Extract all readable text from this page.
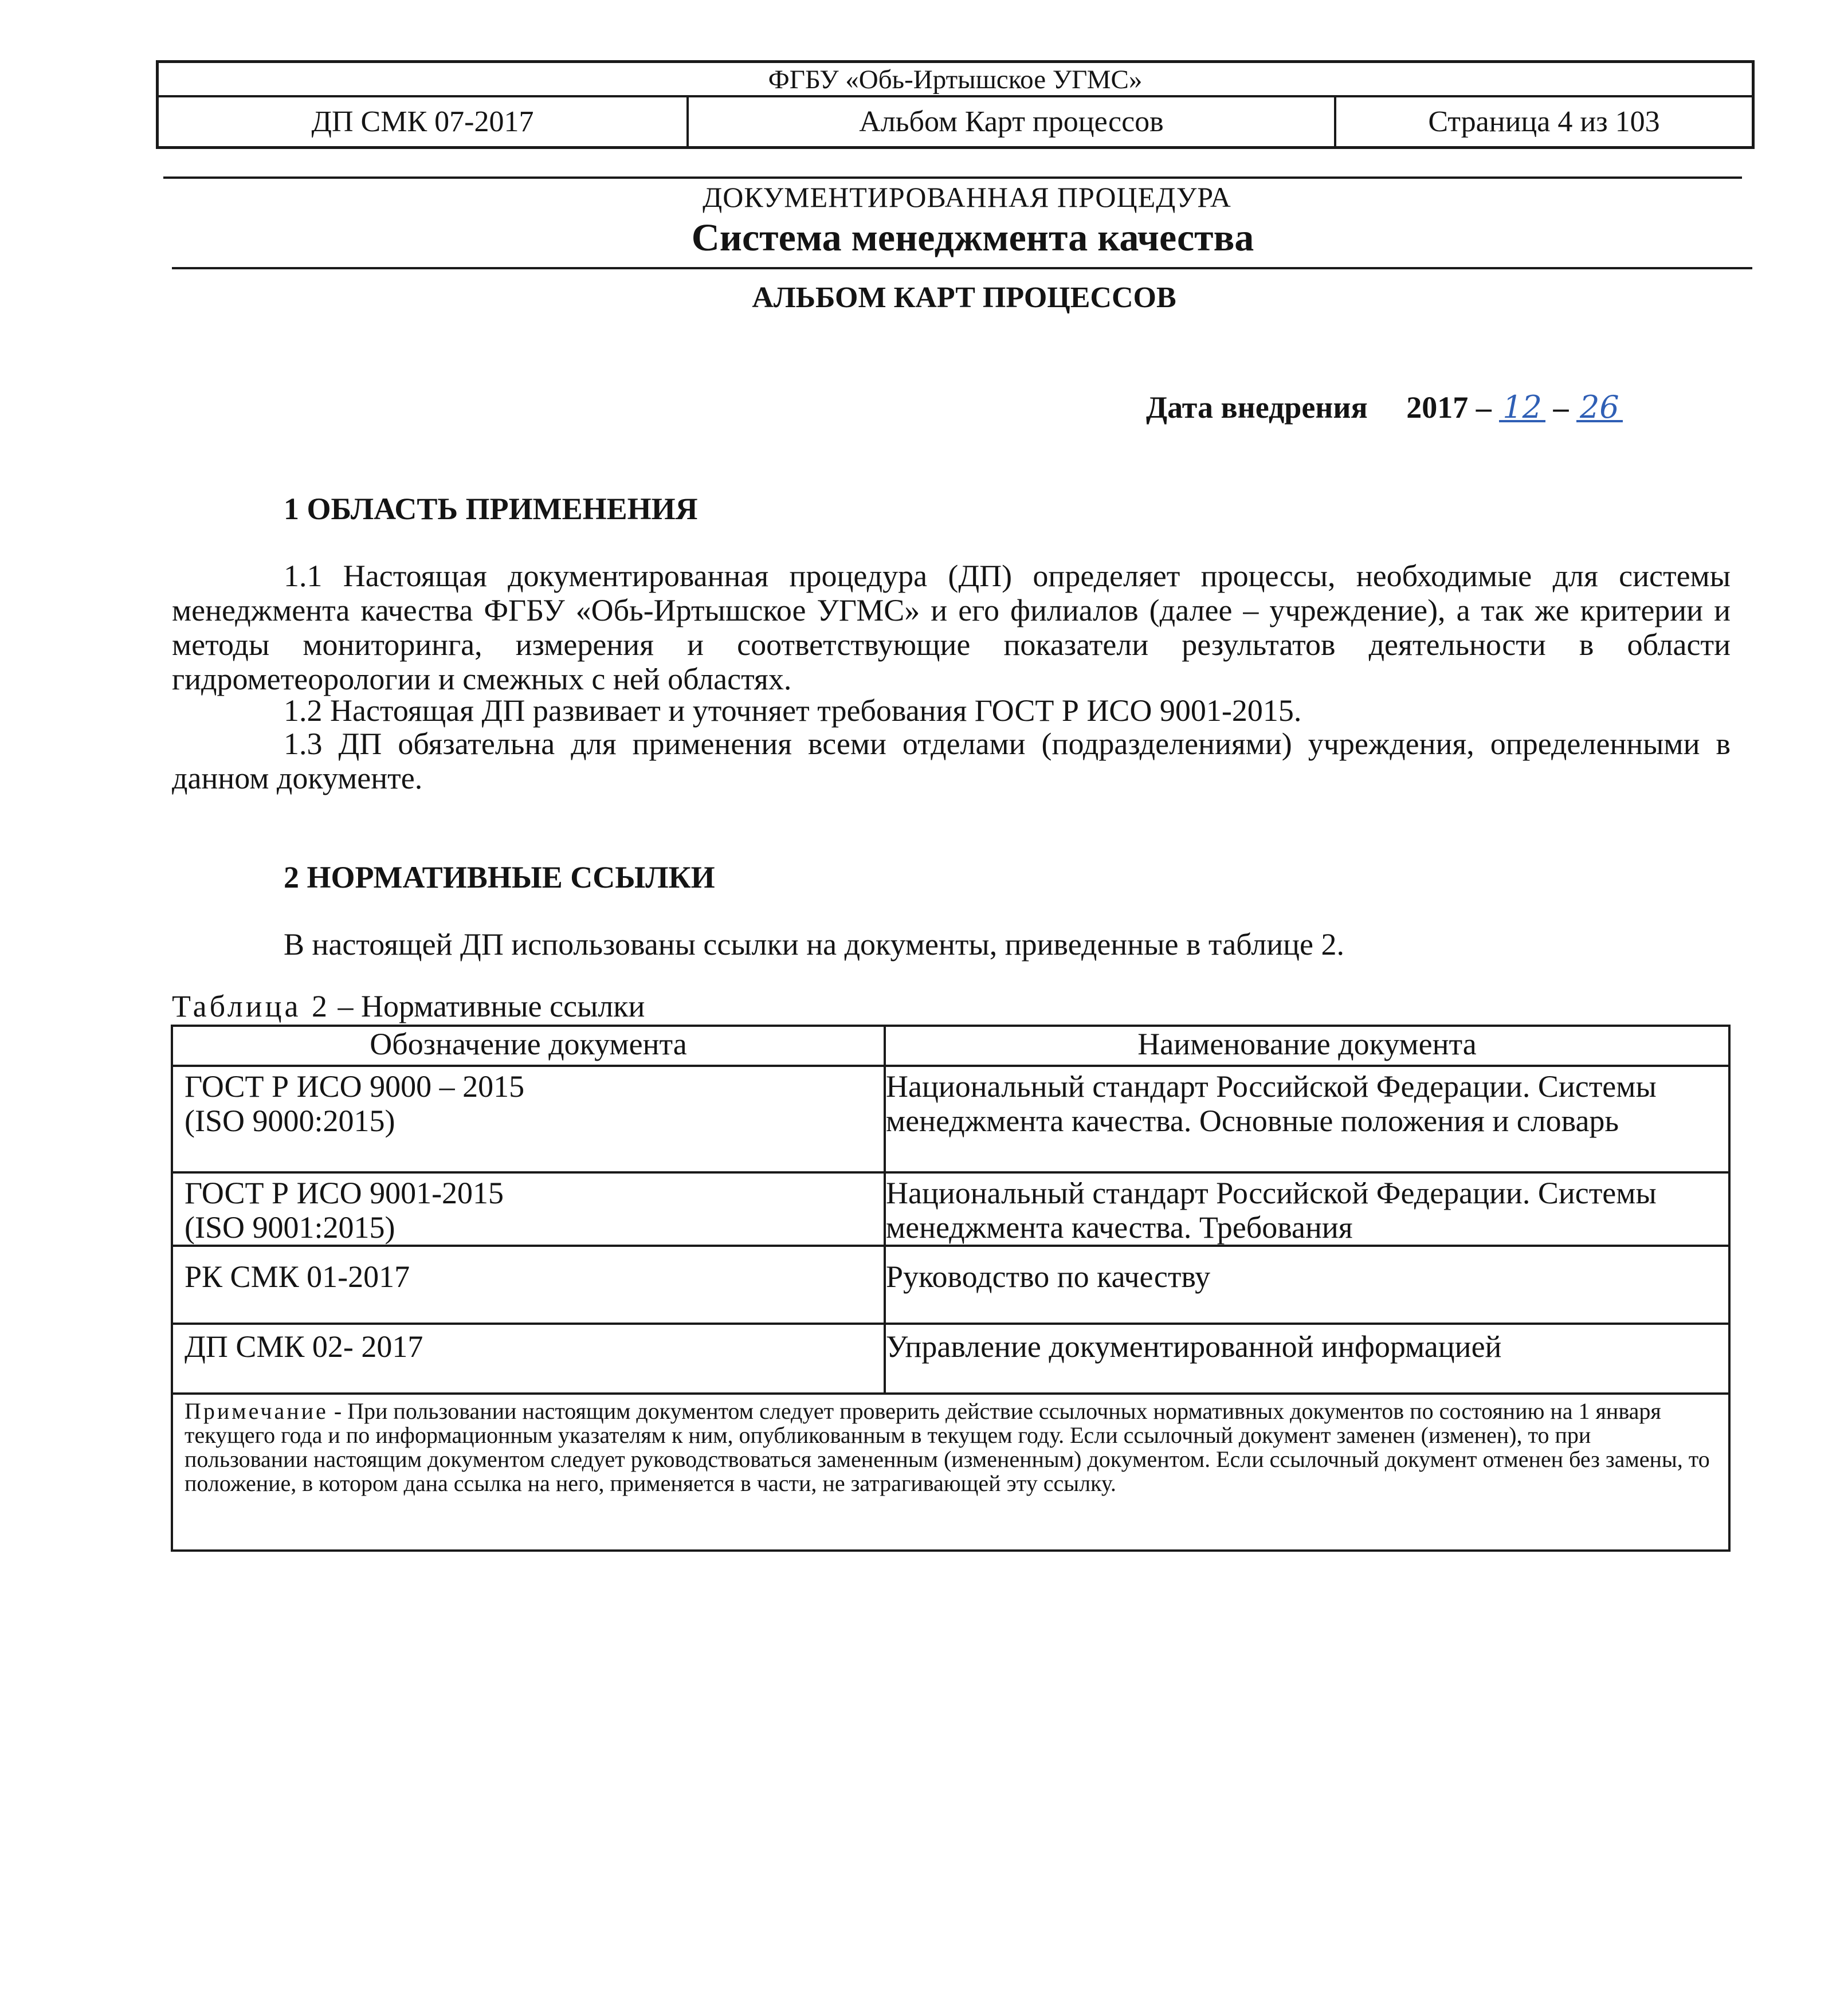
ФГБУ «Обь-Иртышское УГМС»
ДП СМК 07-2017	Альбом Карт процессов	Страница 4 из 103
ДОКУМЕНТИРОВАННАЯ ПРОЦЕДУРА
Система менеджмента качества
АЛЬБОМ КАРТ ПРОЦЕССОВ
Дата внедрения 2017 – 12 – 26
1 ОБЛАСТЬ ПРИМЕНЕНИЯ
1.1 Настоящая документированная процедура (ДП) определяет процессы, необходимые для системы менеджмента качества ФГБУ «Обь-Иртышское УГМС» и его филиалов (далее – учреждение), а так же критерии и методы мониторинга, измерения и соответствующие показатели результатов деятельности в области гидрометеорологии и смежных с ней областях.
1.2 Настоящая ДП развивает и уточняет требования ГОСТ Р ИСО 9001-2015.
1.3 ДП обязательна для применения всеми отделами (подразделениями) учреждения, определенными в данном документе.
2 НОРМАТИВНЫЕ ССЫЛКИ
В настоящей ДП использованы ссылки на документы, приведенные в таблице 2.
Таблица 2 – Нормативные ссылки
Обозначение документа	Наименование документа

ГОСТ Р ИСО 9000 – 2015
(ISO 9000:2015)	Национальный стандарт Российской Федерации. Системы менеджмента качества. Основные положения и словарь

ГОСТ Р ИСО 9001-2015
(ISO 9001:2015)	Национальный стандарт Российской Федерации. Системы менеджмента качества. Требования
РК СМК 01-2017	Руководство по качеству
ДП СМК 02- 2017	Управление документированной информацией
Примечание - При пользовании настоящим документом следует проверить действие ссылочных нормативных документов по состоянию на 1 января текущего года и по информационным указателям к ним, опубликованным в текущем году. Если ссылочный документ заменен (изменен), то при пользовании настоящим документом следует руководствоваться замененным (измененным) документом. Если ссылочный документ отменен без замены, то положение, в котором дана ссылка на него, применяется в части, не затрагивающей эту ссылку.	
